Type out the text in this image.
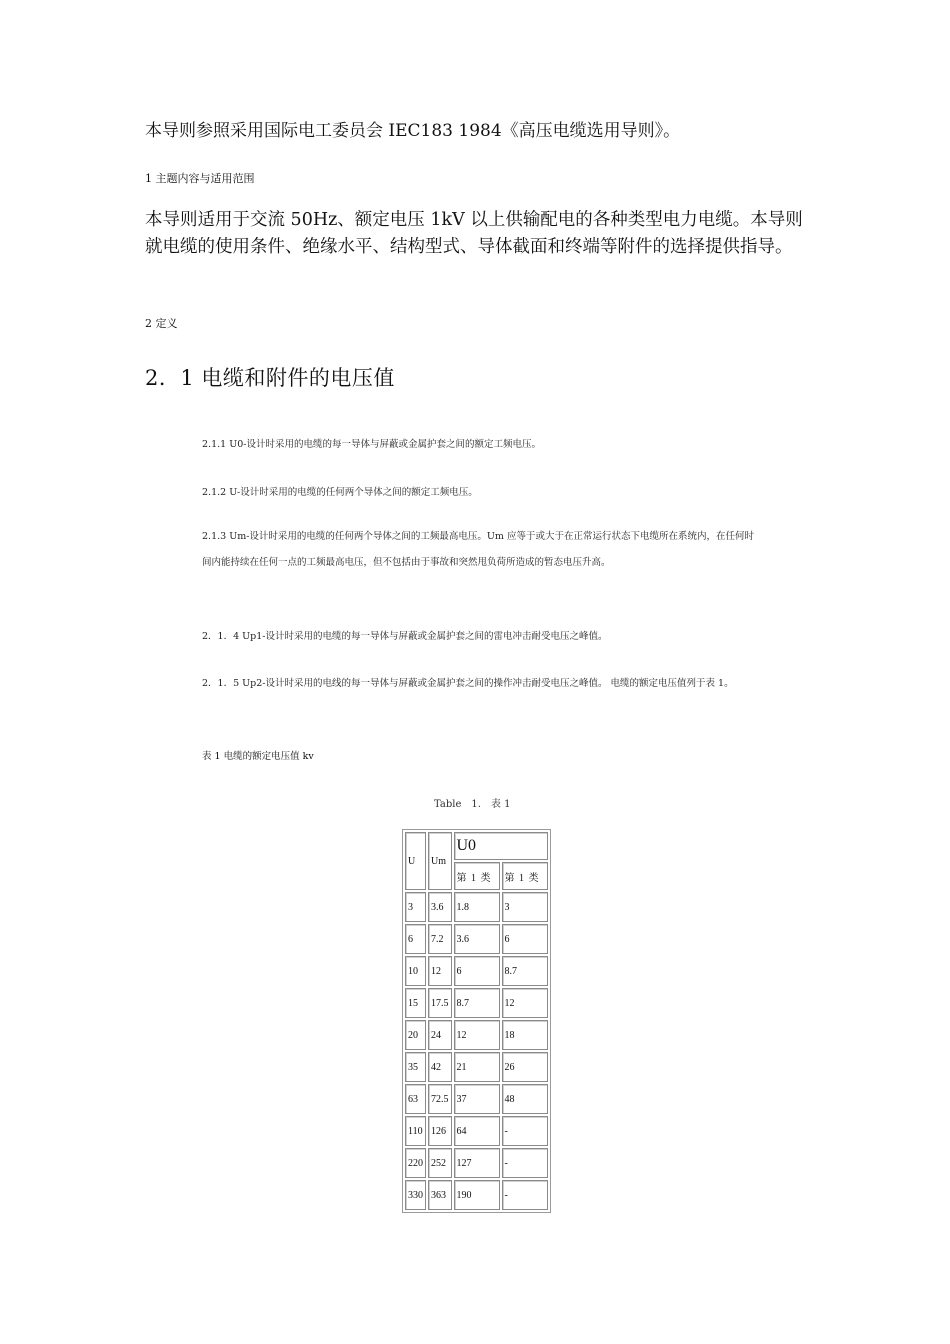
本导则参照采用国际电工委员会 IEC183 1984《高压电缆选用导则》。
1 主题内容与适用范围
本导则适用于交流 50Hz、额定电压 1kV 以上供输配电的各种类型电力电缆。本导则就电缆的使用条件、绝缘水平、结构型式、导体截面和终端等附件的选择提供指导。
2 定义
2．1 电缆和附件的电压值
2.1.1 U0-设计时采用的电缆的每一导体与屏蔽或金属护套之间的额定工频电压。
2.1.2 U-设计时采用的电缆的任何两个导体之间的额定工频电压。
2.1.3 Um-设计时采用的电缆的任何两个导体之间的工频最高电压。Um 应等于或大于在正常运行状态下电缆所在系统内，在任何时间内能持续在任何一点的工频最高电压，但不包括由于事故和突然甩负荷所造成的暂态电压升高。
2．1．4 Up1-设计时采用的电缆的每一导体与屏蔽或金属护套之间的雷电冲击耐受电压之峰值。
2．1．5 Up2-设计时采用的电线的每一导体与屏蔽或金属护套之间的操作冲击耐受电压之峰值。 电缆的额定电压值列于表 1。
表 1 电缆的额定电压值 kv
Table　1.　表 1
U	Um	U0	
		第 1 类	第 1 类
3	3.6	1.8	3
6	7.2	3.6	6
10	12	6	8.7
15	17.5	8.7	12
20	24	12	18
35	42	21	26
63	72.5	37	48
110	126	64	-
220	252	127	-
330	363	190	-
